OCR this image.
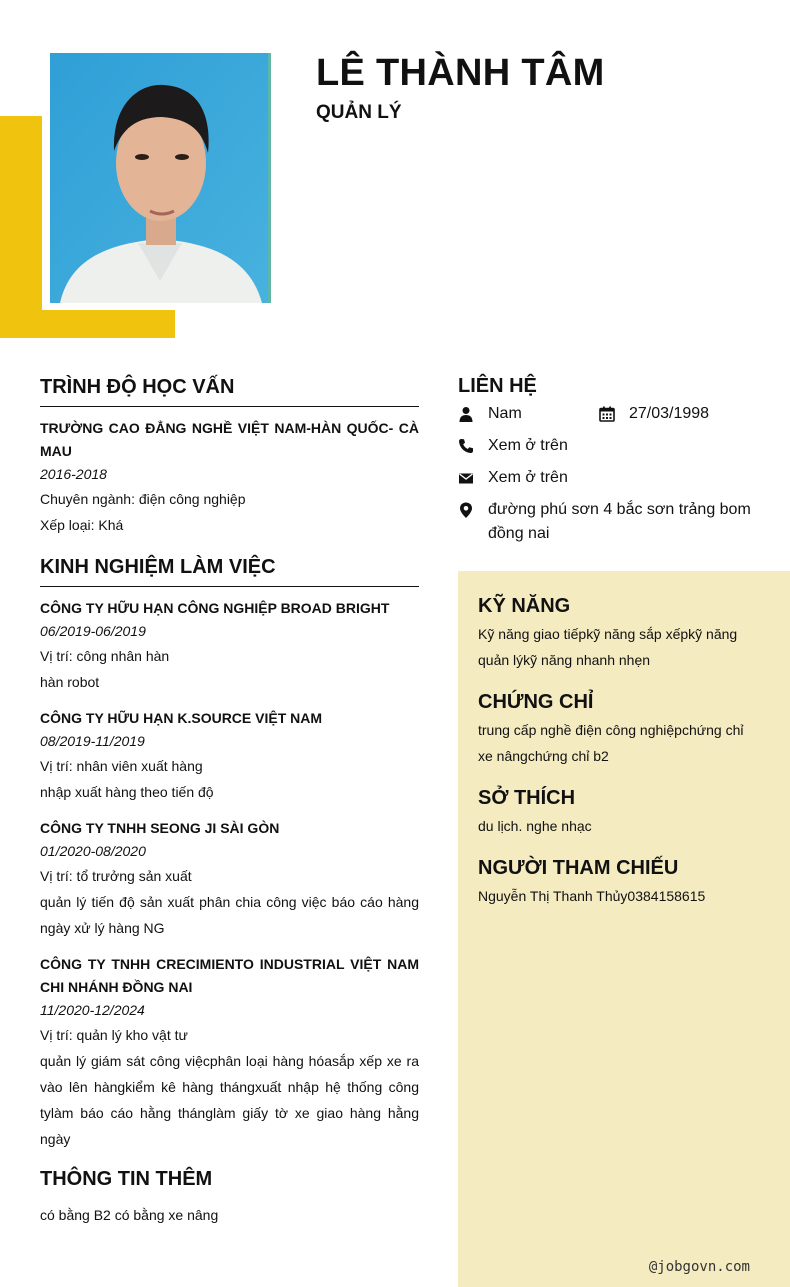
LÊ THÀNH TÂM
QUẢN LÝ
TRÌNH ĐỘ HỌC VẤN
TRƯỜNG CAO ĐẲNG NGHỀ VIỆT NAM-HÀN QUỐC- CÀ MAU
2016-2018
Chuyên ngành: điện công nghiệp
Xếp loại: Khá
KINH NGHIỆM LÀM VIỆC
CÔNG TY HỮU HẠN CÔNG NGHIỆP BROAD BRIGHT
06/2019-06/2019
Vị trí: công nhân hàn
hàn robot
CÔNG TY HỮU HẠN K.SOURCE VIỆT NAM
08/2019-11/2019
Vị trí: nhân viên xuất hàng
nhập xuất hàng theo tiến độ
CÔNG TY TNHH SEONG JI SÀI GÒN
01/2020-08/2020
Vị trí: tổ trưởng sản xuất
quản lý tiến độ sản xuất phân chia công việc báo cáo hàng ngày xử lý hàng NG
CÔNG TY TNHH CRECIMIENTO INDUSTRIAL VIỆT NAM CHI NHÁNH ĐỒNG NAI
11/2020-12/2024
Vị trí: quản lý kho vật tư
quản lý giám sát công việcphân loại hàng hóasắp xếp xe ra vào lên hàngkiểm kê hàng thángxuất nhập hệ thống công tylàm báo cáo hằng thánglàm giấy tờ xe giao hàng hằng ngày
THÔNG TIN THÊM
có bằng B2 có bằng xe nâng
LIÊN HỆ
Nam	27/03/1998
Xem ở trên
Xem ở trên
đường phú sơn 4 bắc sơn trảng bom đồng nai
KỸ NĂNG
Kỹ năng giao tiếpkỹ năng sắp xếpkỹ năng quản lýkỹ năng nhanh nhẹn
CHỨNG CHỈ
trung cấp nghề điện công nghiệpchứng chỉ xe nângchứng chỉ b2
SỞ THÍCH
du lịch. nghe nhạc
NGƯỜI THAM CHIẾU
Nguyễn Thị Thanh Thủy0384158615
@jobgovn.com
